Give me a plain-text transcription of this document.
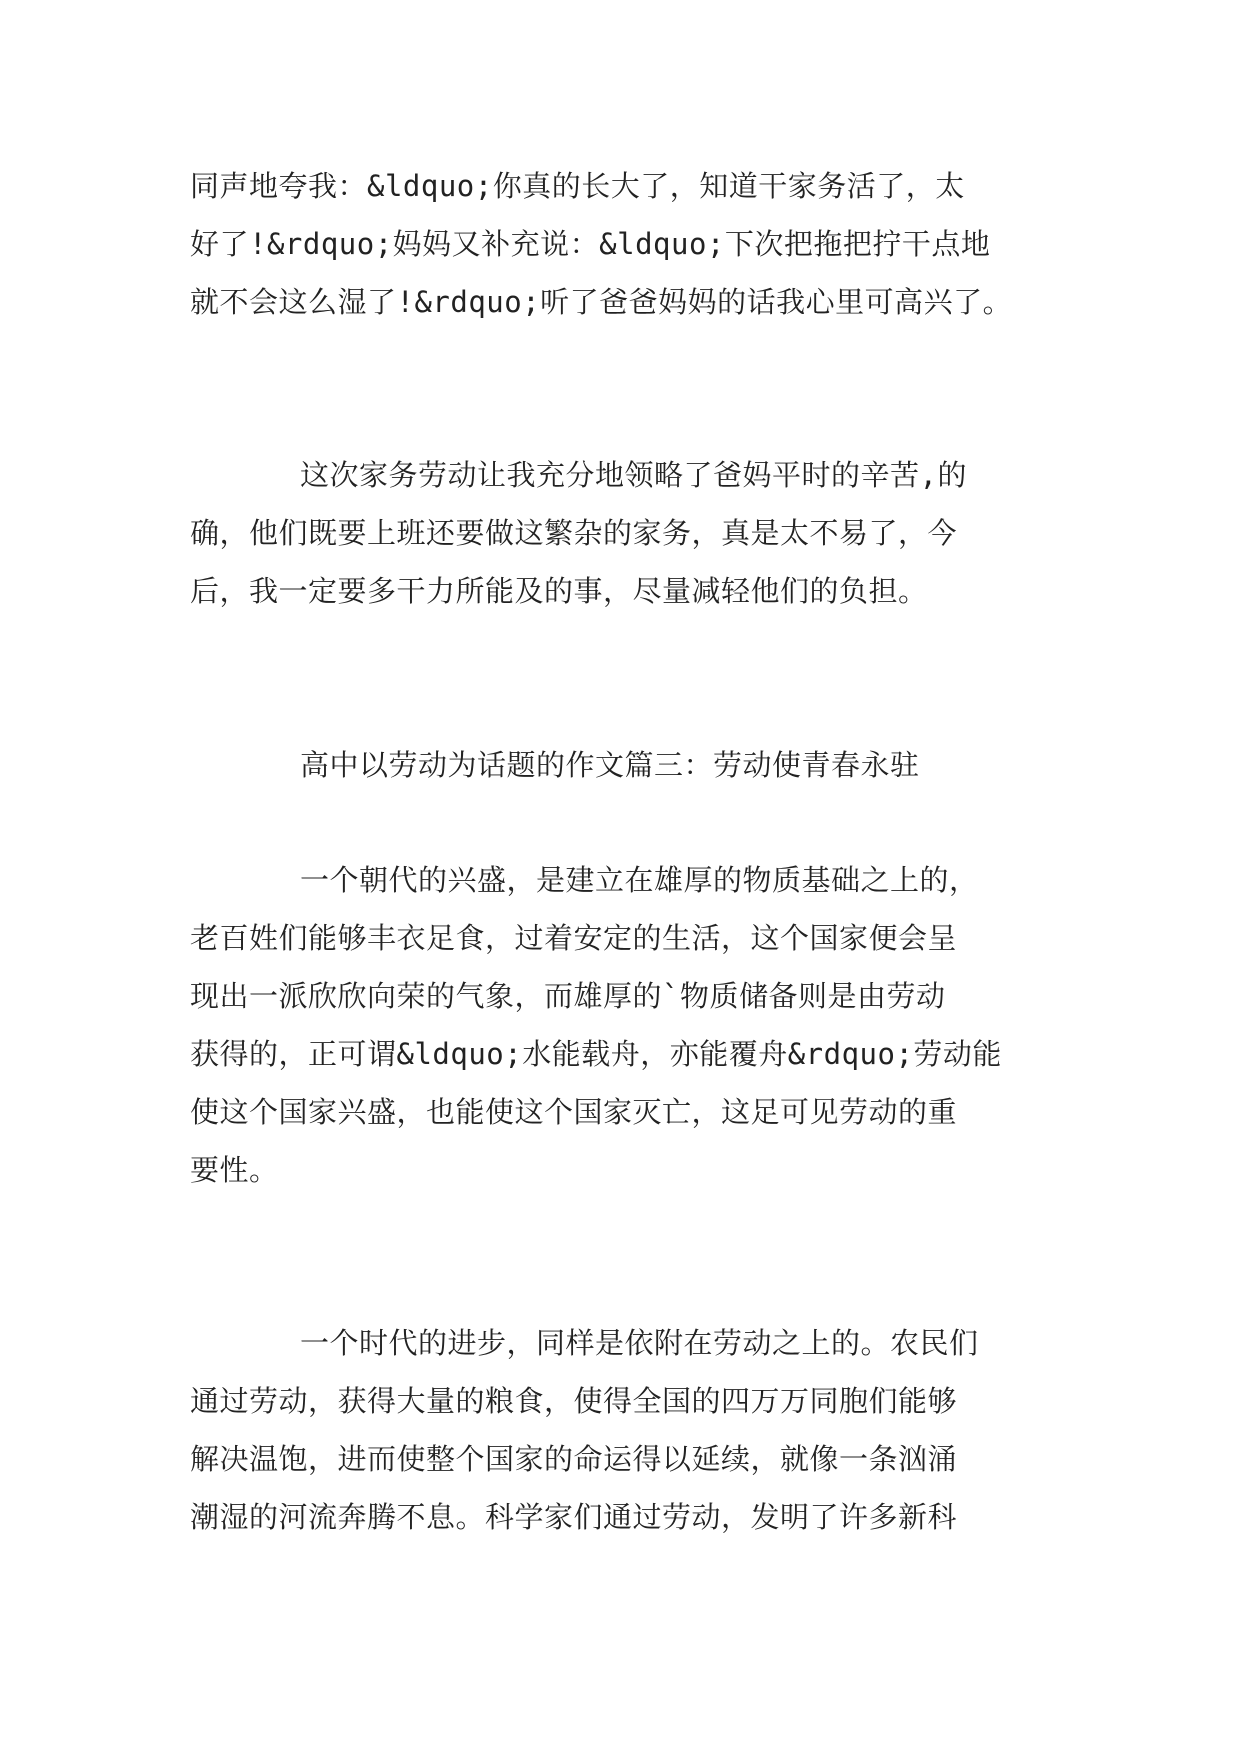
同声地夸我：&ldquo;你真的长大了，知道干家务活了，太
好了!&rdquo;妈妈又补充说：&ldquo;下次把拖把拧干点地
就不会这么湿了!&rdquo;听了爸爸妈妈的话我心里可高兴了。
这次家务劳动让我充分地领略了爸妈平时的辛苦,的
确，他们既要上班还要做这繁杂的家务，真是太不易了，今
后，我一定要多干力所能及的事，尽量减轻他们的负担。
高中以劳动为话题的作文篇三：劳动使青春永驻
一个朝代的兴盛，是建立在雄厚的物质基础之上的，
老百姓们能够丰衣足食，过着安定的生活，这个国家便会呈
现出一派欣欣向荣的气象，而雄厚的`物质储备则是由劳动
获得的，正可谓&ldquo;水能载舟，亦能覆舟&rdquo;劳动能
使这个国家兴盛，也能使这个国家灭亡，这足可见劳动的重
要性。
一个时代的进步，同样是依附在劳动之上的。农民们
通过劳动，获得大量的粮食，使得全国的四万万同胞们能够
解决温饱，进而使整个国家的命运得以延续，就像一条汹涌
潮湿的河流奔腾不息。科学家们通过劳动，发明了许多新科
